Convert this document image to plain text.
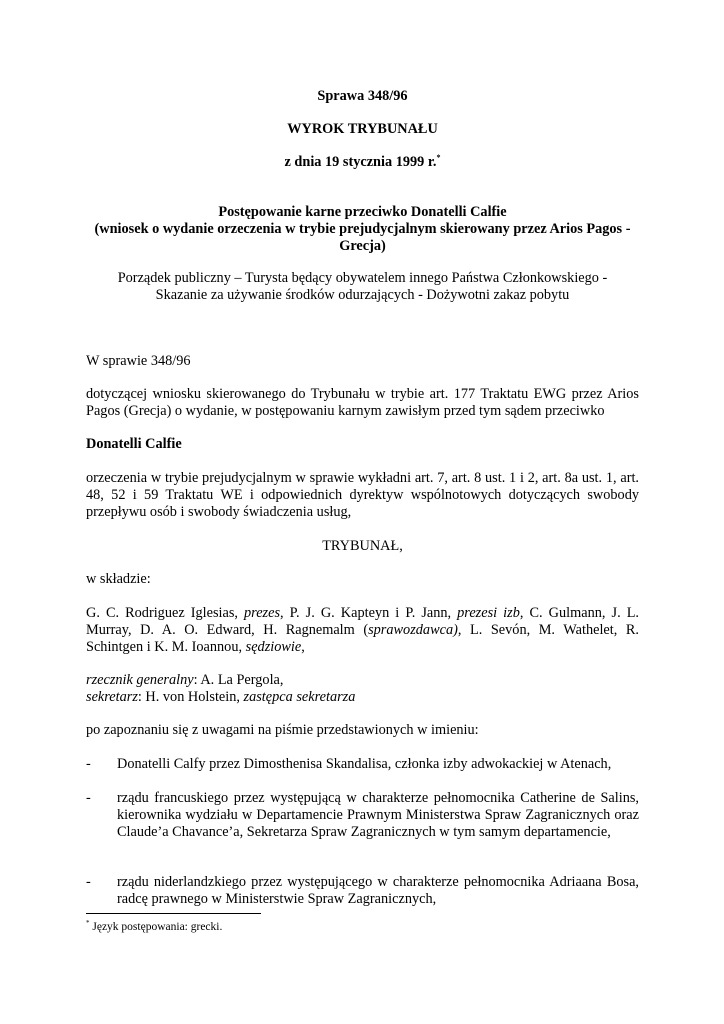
Sprawa 348/96

WYROK TRYBUNAŁU

z dnia 19 stycznia 1999 r.*

Postępowanie karne przeciwko Donatelli Calfie

(wniosek o wydanie orzeczenia w trybie prejudycjalnym skierowany przez Arios Pagos -

Grecja)

Porządek publiczny – Turysta będący obywatelem innego Państwa Członkowskiego -

Skazanie za używanie środków odurzających - Dożywotni zakaz pobytu

W sprawie 348/96

dotyczącej wniosku skierowanego do Trybunału w trybie art. 177 Traktatu EWG przez Arios Pagos (Grecja) o wydanie, w postępowaniu karnym zawisłym przed tym sądem przeciwko

Donatelli Calfie

orzeczenia w trybie prejudycjalnym w sprawie wykładni art. 7, art. 8 ust. 1 i 2, art. 8a ust. 1, art. 48, 52 i 59 Traktatu WE i odpowiednich dyrektyw wspólnotowych dotyczących swobody przepływu osób i swobody świadczenia usług,

TRYBUNAŁ,

w składzie:

G. C. Rodriguez Iglesias, prezes, P. J. G. Kapteyn i P. Jann, prezesi izb, C. Gulmann, J. L. Murray, D. A. O. Edward, H. Ragnemalm (sprawozdawca), L. Sevón, M. Wathelet, R. Schintgen i K. M. Ioannou, sędziowie,

rzecznik generalny: A. La Pergola,

sekretarz: H. von Holstein, zastępca sekretarza

po zapoznaniu się z uwagami na piśmie przedstawionych w imieniu:

- Donatelli Calfy przez Dimosthenisa Skandalisa, członka izby adwokackiej w Atenach,

- rządu francuskiego przez występującą w charakterze pełnomocnika Catherine de Salins, kierownika wydziału w Departamencie Prawnym Ministerstwa Spraw Zagranicznych oraz Claude’a Chavance’a, Sekretarza Spraw Zagranicznych w tym samym departamencie,

- rządu niderlandzkiego przez występującego w charakterze pełnomocnika Adriaana Bosa, radcę prawnego w Ministerstwie Spraw Zagranicznych,

* Język postępowania: grecki.
